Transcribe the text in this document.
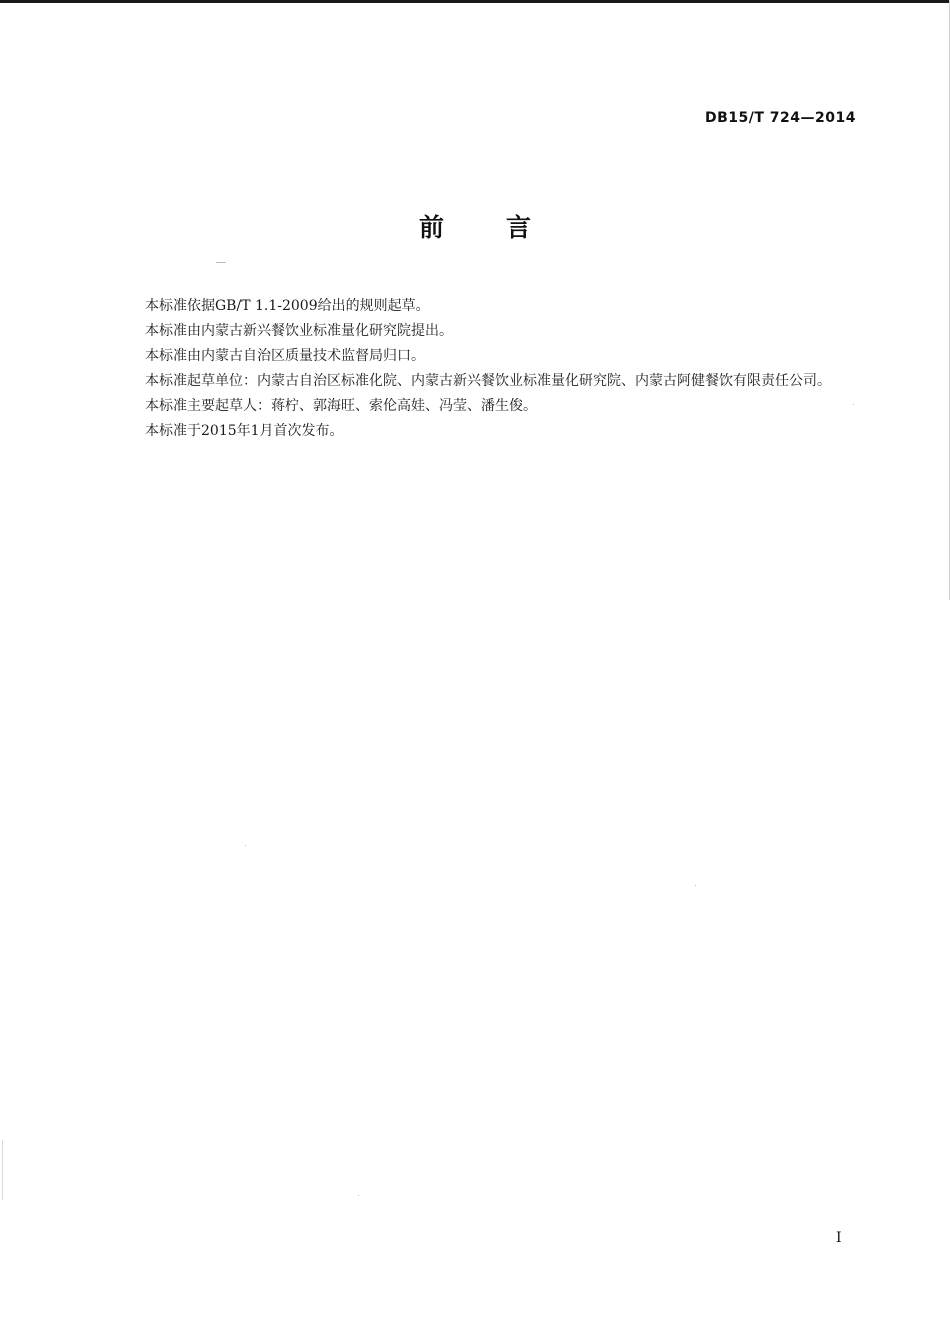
DB15/T 724—2014
前言

本标准依据GB/T 1.1-2009给出的规则起草。

本标准由内蒙古新兴餐饮业标准量化研究院提出。

本标准由内蒙古自治区质量技术监督局归口。

本标准起草单位：内蒙古自治区标准化院、内蒙古新兴餐饮业标准量化研究院、内蒙古阿健餐饮有限责任公司。

本标准主要起草人：蒋柠、郭海旺、索伦高娃、冯莹、潘生俊。

本标准于2015年1月首次发布。

I
